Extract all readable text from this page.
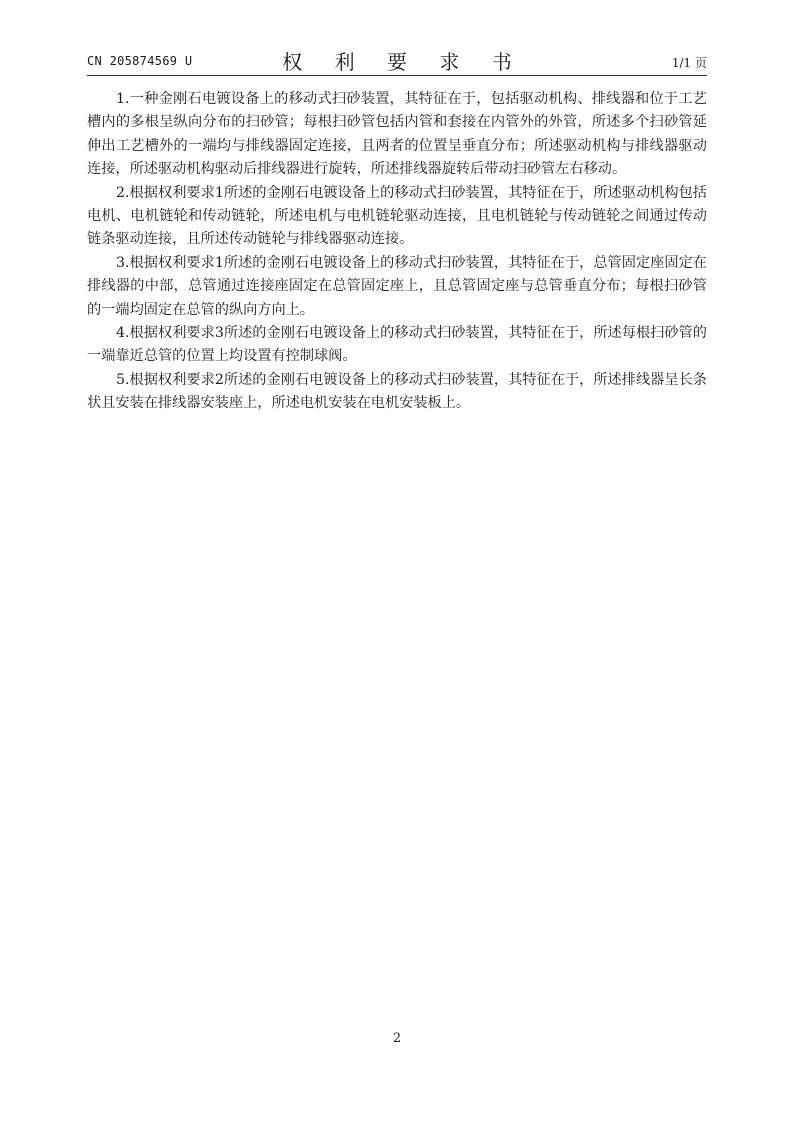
CN 205874569 U	权 利 要 求 书	1/1 页

1.一种金刚石电镀设备上的移动式扫砂装置，其特征在于，包括驱动机构、排线器和位于工艺槽内的多根呈纵向分布的扫砂管；每根扫砂管包括内管和套接在内管外的外管，所述多个扫砂管延伸出工艺槽外的一端均与排线器固定连接，且两者的位置呈垂直分布；所述驱动机构与排线器驱动连接，所述驱动机构驱动后排线器进行旋转，所述排线器旋转后带动扫砂管左右移动。

2.根据权利要求1所述的金刚石电镀设备上的移动式扫砂装置，其特征在于，所述驱动机构包括电机、电机链轮和传动链轮，所述电机与电机链轮驱动连接，且电机链轮与传动链轮之间通过传动链条驱动连接，且所述传动链轮与排线器驱动连接。

3.根据权利要求1所述的金刚石电镀设备上的移动式扫砂装置，其特征在于，总管固定座固定在排线器的中部，总管通过连接座固定在总管固定座上，且总管固定座与总管垂直分布；每根扫砂管的一端均固定在总管的纵向方向上。

4.根据权利要求3所述的金刚石电镀设备上的移动式扫砂装置，其特征在于，所述每根扫砂管的一端靠近总管的位置上均设置有控制球阀。

5.根据权利要求2所述的金刚石电镀设备上的移动式扫砂装置，其特征在于，所述排线器呈长条状且安装在排线器安装座上，所述电机安装在电机安装板上。

2
